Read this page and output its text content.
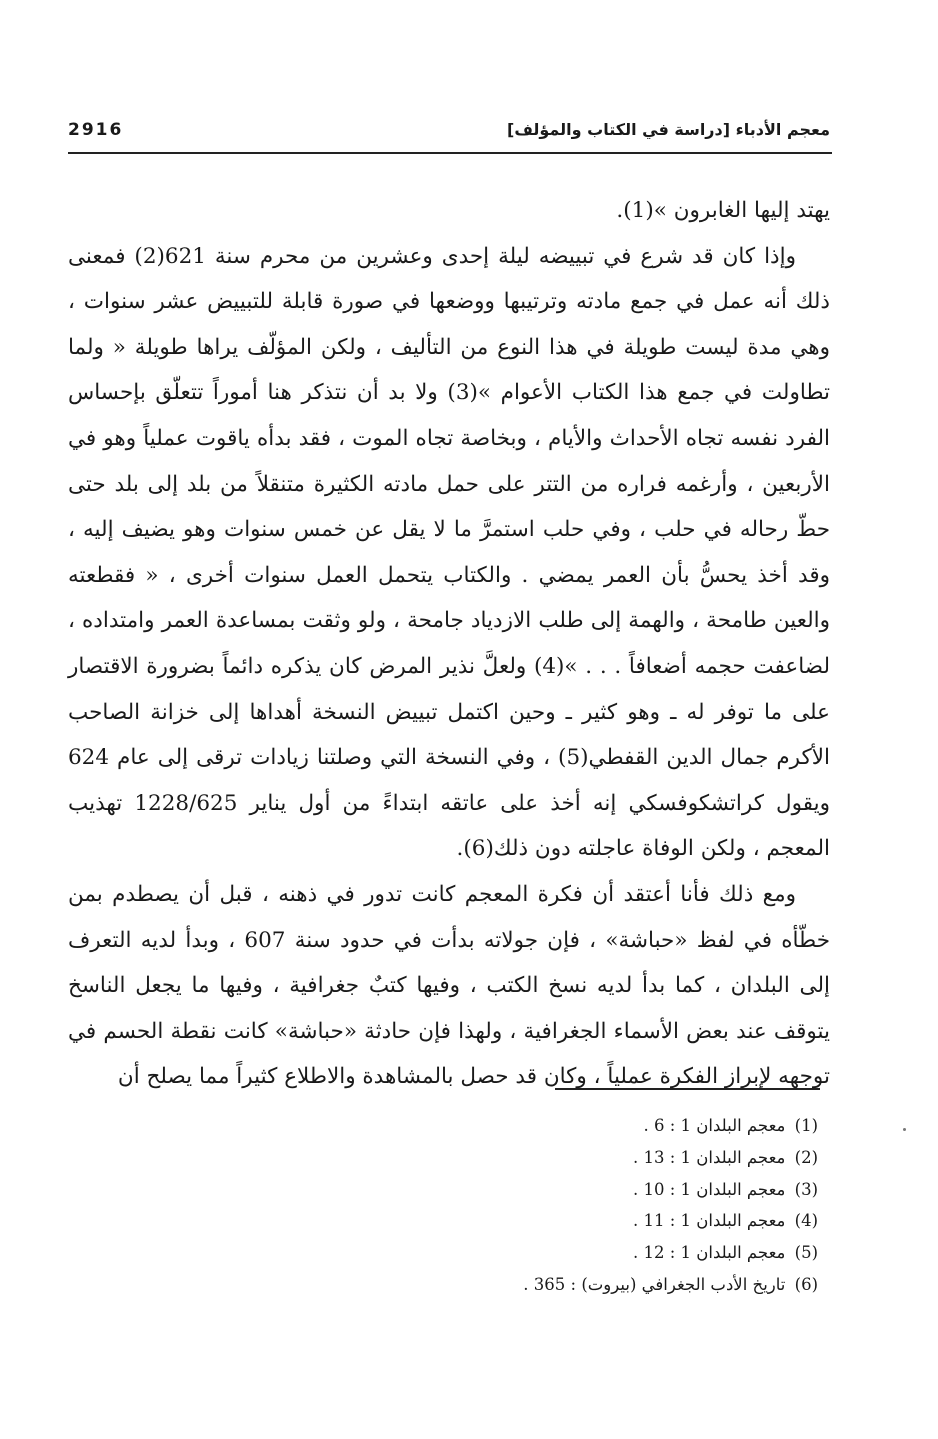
2916	معجم الأدباء [دراسة في الكتاب والمؤلف]

يهتد إليها الغابرون »(1).

وإذا كان قد شرع في تبييضه ليلة إحدى وعشرين من محرم سنة 621(2) فمعنى ذلك أنه عمل في جمع مادته وترتيبها ووضعها في صورة قابلة للتبييض عشر سنوات ، وهي مدة ليست طويلة في هذا النوع من التأليف ، ولكن المؤلّف يراها طويلة « ولما تطاولت في جمع هذا الكتاب الأعوام »(3) ولا بد أن نتذكر هنا أموراً تتعلّق بإحساس الفرد نفسه تجاه الأحداث والأيام ، وبخاصة تجاه الموت ، فقد بدأه ياقوت عملياً وهو في الأربعين ، وأرغمه فراره من التتر على حمل مادته الكثيرة متنقلاً من بلد إلى بلد حتى حطّ رحاله في حلب ، وفي حلب استمرَّ ما لا يقل عن خمس سنوات وهو يضيف إليه ، وقد أخذ يحسُّ بأن العمر يمضي . والكتاب يتحمل العمل سنوات أخرى ، « فقطعته والعين طامحة ، والهمة إلى طلب الازدياد جامحة ، ولو وثقت بمساعدة العمر وامتداده ، لضاعفت حجمه أضعافاً . . . »(4) ولعلَّ نذير المرض كان يذكره دائماً بضرورة الاقتصار على ما توفر له ـ وهو كثير ـ وحين اكتمل تبييض النسخة أهداها إلى خزانة الصاحب الأكرم جمال الدين القفطي(5) ، وفي النسخة التي وصلتنا زيادات ترقى إلى عام 624 ويقول كراتشكوفسكي إنه أخذ على عاتقه ابتداءً من أول يناير 1228/625 تهذيب المعجم ، ولكن الوفاة عاجلته دون ذلك(6).

ومع ذلك فأنا أعتقد أن فكرة المعجم كانت تدور في ذهنه ، قبل أن يصطدم بمن خطّأه في لفظ «حباشة» ، فإن جولاته بدأت في حدود سنة 607 ، وبدأ لديه التعرف إلى البلدان ، كما بدأ لديه نسخ الكتب ، وفيها كتبٌ جغرافية ، وفيها ما يجعل الناسخ يتوقف عند بعض الأسماء الجغرافية ، ولهذا فإن حادثة «حباشة» كانت نقطة الحسم في توجهه لإبراز الفكرة عملياً ، وكان قد حصل بالمشاهدة والاطلاع كثيراً مما يصلح أن

(1) معجم البلدان 1 : 6 .
(2) معجم البلدان 1 : 13 .
(3) معجم البلدان 1 : 10 .
(4) معجم البلدان 1 : 11 .
(5) معجم البلدان 1 : 12 .
(6) تاريخ الأدب الجغرافي (بيروت) : 365 .
